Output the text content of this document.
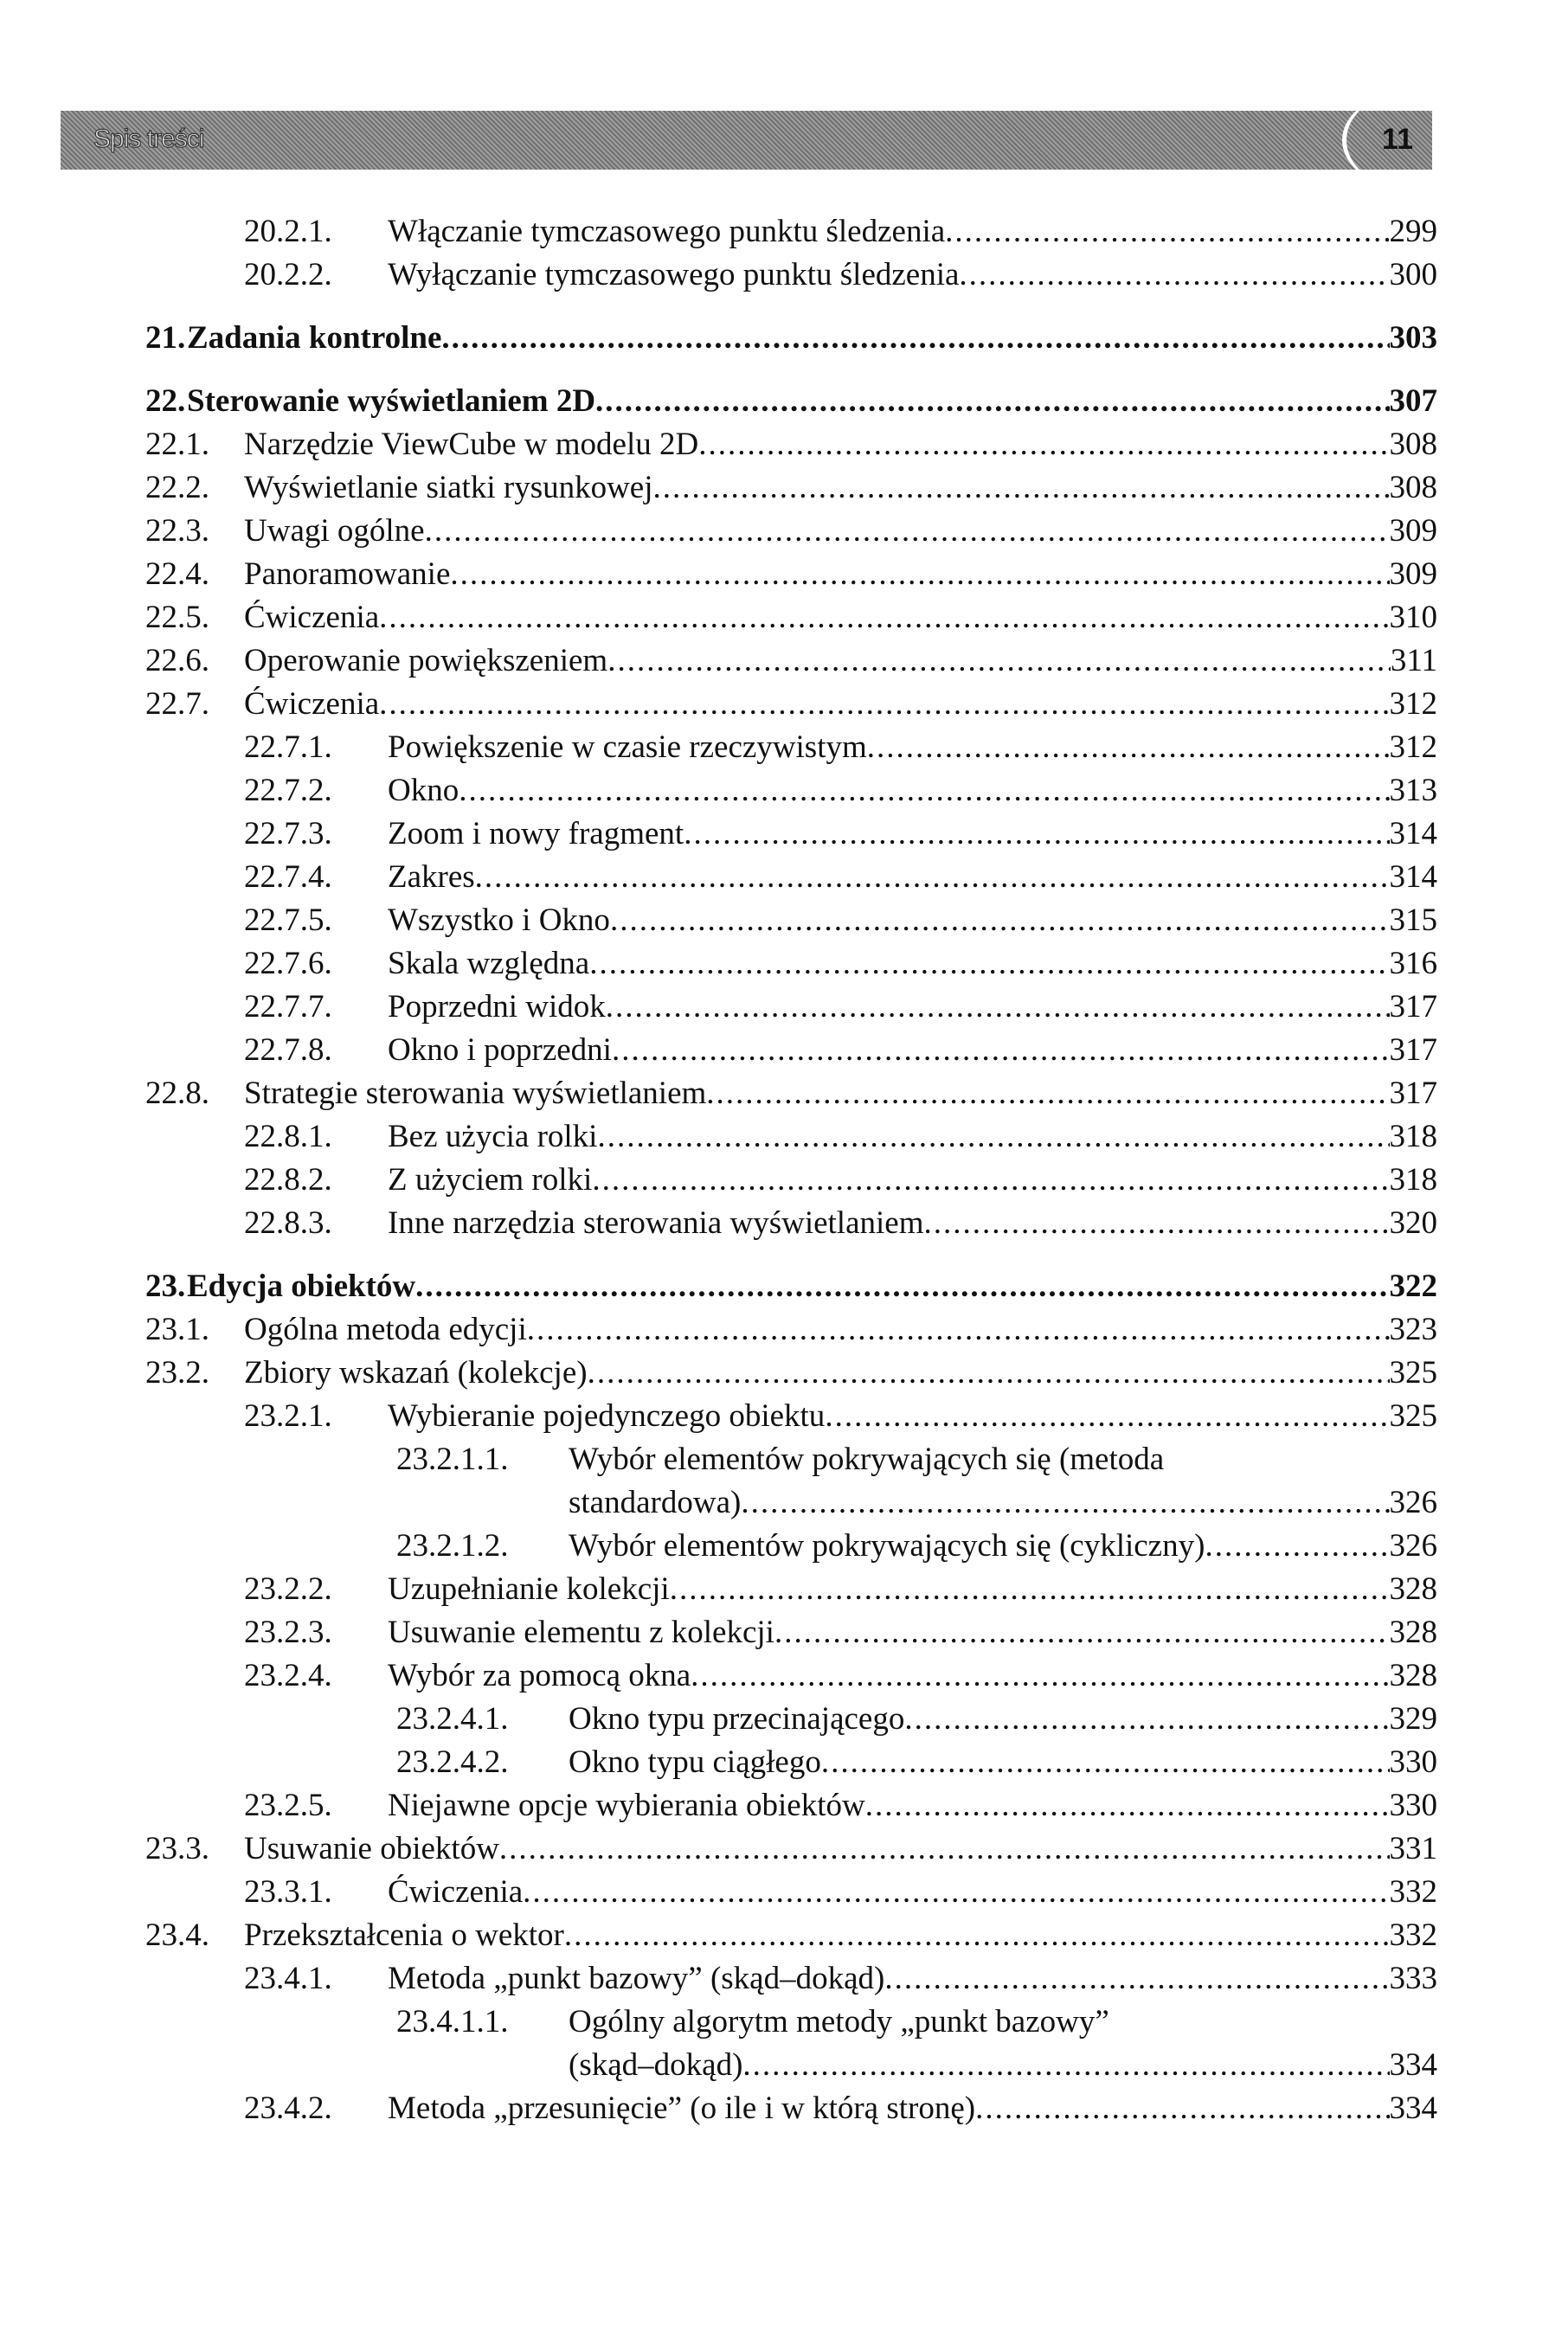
Spis treści	11
20.2.1. Włączanie tymczasowego punktu śledzenia .....	299
20.2.2. Wyłączanie tymczasowego punktu śledzenia .....	300
21. Zadania kontrolne .....	303
22. Sterowanie wyświetlaniem 2D .....	307
22.1. Narzędzie ViewCube w modelu 2D .....	308
22.2. Wyświetlanie siatki rysunkowej .....	308
22.3. Uwagi ogólne .....	309
22.4. Panoramowanie .....	309
22.5. Ćwiczenia .....	310
22.6. Operowanie powiększeniem .....	311
22.7. Ćwiczenia .....	312
22.7.1. Powiększenie w czasie rzeczywistym .....	312
22.7.2. Okno .....	313
22.7.3. Zoom i nowy fragment .....	314
22.7.4. Zakres .....	314
22.7.5. Wszystko i Okno .....	315
22.7.6. Skala względna .....	316
22.7.7. Poprzedni widok .....	317
22.7.8. Okno i poprzedni .....	317
22.8. Strategie sterowania wyświetlaniem .....	317
22.8.1. Bez użycia rolki .....	318
22.8.2. Z użyciem rolki .....	318
22.8.3. Inne narzędzia sterowania wyświetlaniem .....	320
23. Edycja obiektów .....	322
23.1. Ogólna metoda edycji .....	323
23.2. Zbiory wskazań (kolekcje) .....	325
23.2.1. Wybieranie pojedynczego obiektu .....	325
23.2.1.1. Wybór elementów pokrywających się (metoda
standardowa) .....	326
23.2.1.2. Wybór elementów pokrywających się (cykliczny) .....	326
23.2.2. Uzupełnianie kolekcji .....	328
23.2.3. Usuwanie elementu z kolekcji .....	328
23.2.4. Wybór za pomocą okna .....	328
23.2.4.1. Okno typu przecinającego .....	329
23.2.4.2. Okno typu ciągłego .....	330
23.2.5. Niejawne opcje wybierania obiektów .....	330
23.3. Usuwanie obiektów .....	331
23.3.1. Ćwiczenia .....	332
23.4. Przekształcenia o wektor .....	332
23.4.1. Metoda „punkt bazowy” (skąd–dokąd) .....	333
23.4.1.1. Ogólny algorytm metody „punkt bazowy”
(skąd–dokąd) .....	334
23.4.2. Metoda „przesunięcie” (o ile i w którą stronę) .....	334
